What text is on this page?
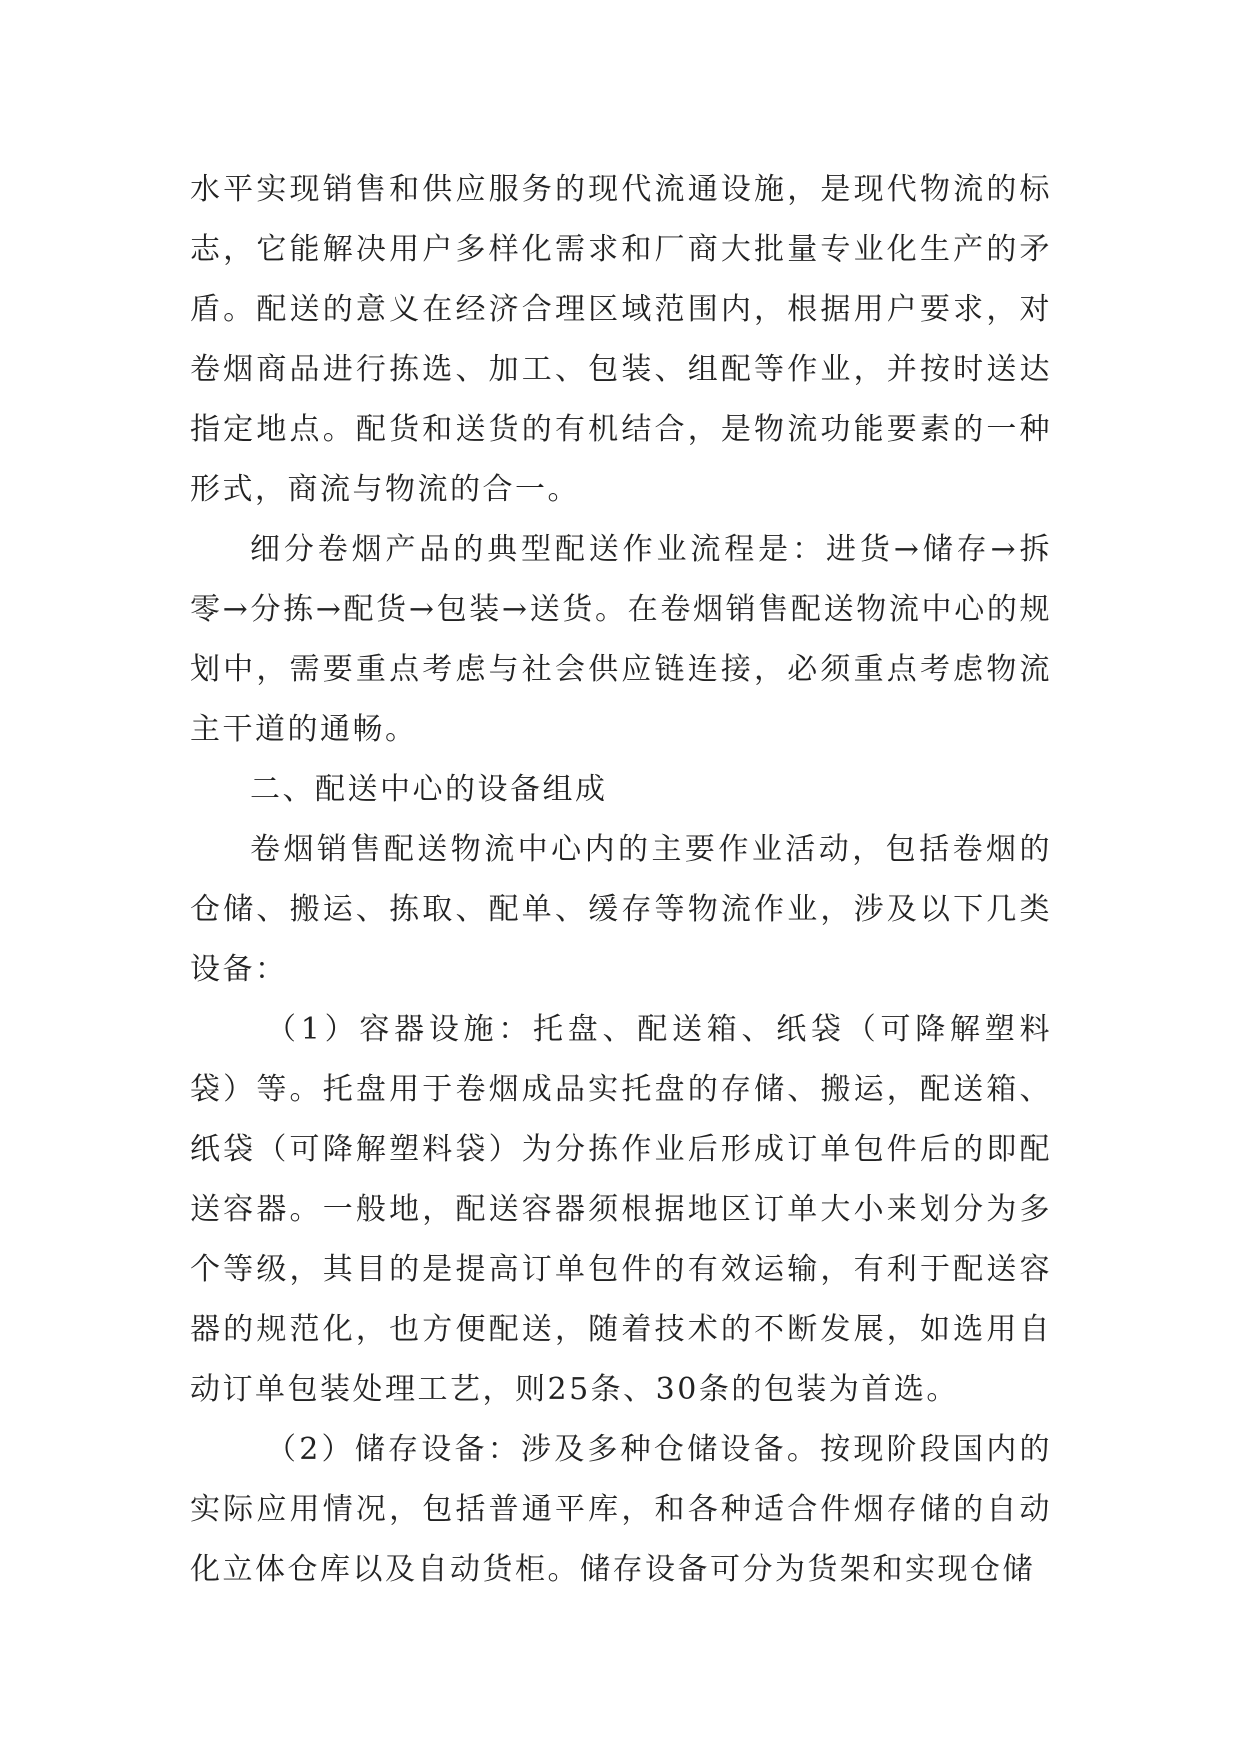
水平实现销售和供应服务的现代流通设施，是现代物流的标志，它能解决用户多样化需求和厂商大批量专业化生产的矛盾。配送的意义在经济合理区域范围内，根据用户要求，对卷烟商品进行拣选、加工、包装、组配等作业，并按时送达指定地点。配货和送货的有机结合，是物流功能要素的一种形式，商流与物流的合一。

细分卷烟产品的典型配送作业流程是：进货→储存→拆零→分拣→配货→包装→送货。在卷烟销售配送物流中心的规划中，需要重点考虑与社会供应链连接，必须重点考虑物流主干道的通畅。

二、配送中心的设备组成

卷烟销售配送物流中心内的主要作业活动，包括卷烟的仓储、搬运、拣取、配单、缓存等物流作业，涉及以下几类设备：

（1）容器设施：托盘、配送箱、纸袋（可降解塑料袋）等。托盘用于卷烟成品实托盘的存储、搬运，配送箱、纸袋（可降解塑料袋）为分拣作业后形成订单包件后的即配送容器。一般地，配送容器须根据地区订单大小来划分为多个等级，其目的是提高订单包件的有效运输，有利于配送容器的规范化，也方便配送，随着技术的不断发展，如选用自动订单包装处理工艺，则25条、30条的包装为首选。

（2）储存设备：涉及多种仓储设备。按现阶段国内的实际应用情况，包括普通平库，和各种适合件烟存储的自动化立体仓库以及自动货柜。储存设备可分为货架和实现仓储
